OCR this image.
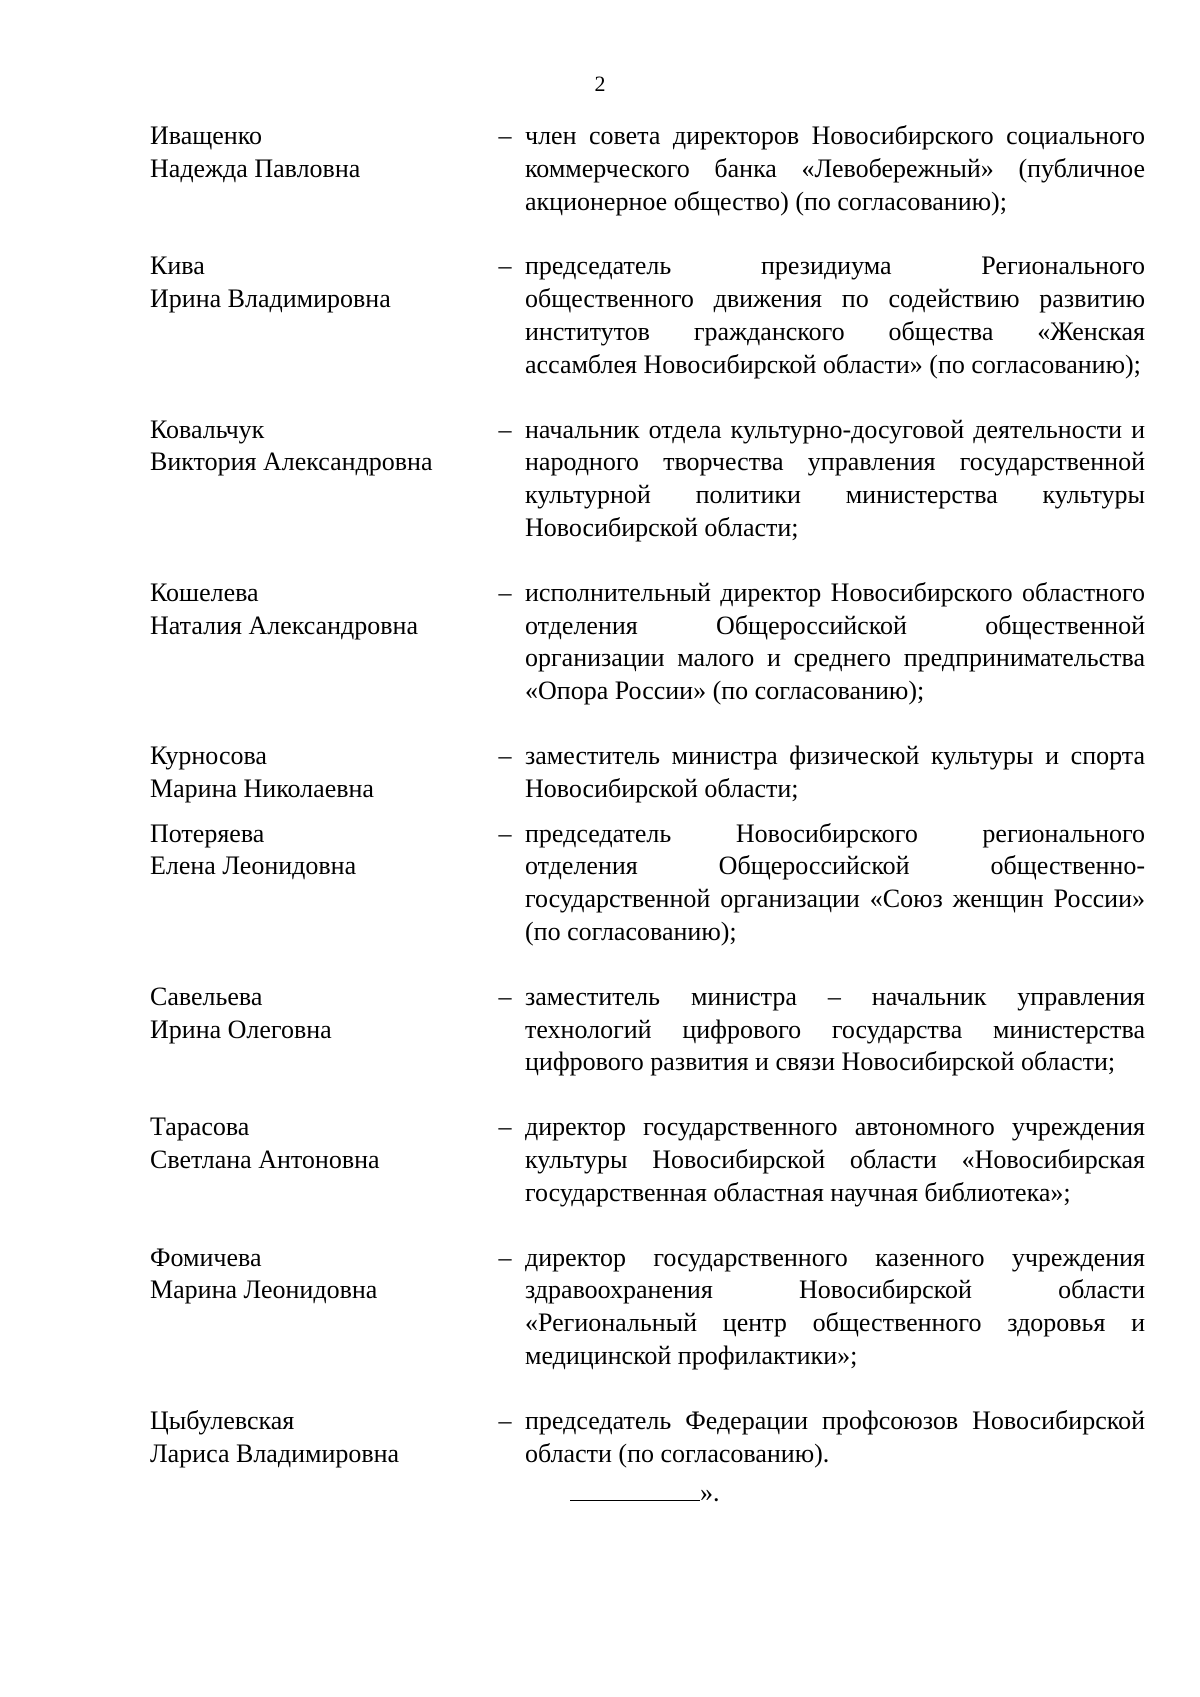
2
Иващенко
Надежда Павловна
– член совета директоров Новосибирского социального коммерческого банка «Левобережный» (публичное акционерное общество) (по согласованию);
Кива
Ирина Владимировна
– председатель президиума Регионального общественного движения по содействию развитию институтов гражданского общества «Женская ассамблея Новосибирской области» (по согласованию);
Ковальчук
Виктория Александровна
– начальник отдела культурно-досуговой деятельности и народного творчества управления государственной культурной политики министерства культуры Новосибирской области;
Кошелева
Наталия Александровна
– исполнительный директор Новосибирского областного отделения Общероссийской общественной организации малого и среднего предпринимательства «Опора России» (по согласованию);
Курносова
Марина Николаевна
– заместитель министра физической культуры и спорта Новосибирской области;
Потеряева
Елена Леонидовна
– председатель Новосибирского регионального отделения Общероссийской общественно-государственной организации «Союз женщин России» (по согласованию);
Савельева
Ирина Олеговна
– заместитель министра – начальник управления технологий цифрового государства министерства цифрового развития и связи Новосибирской области;
Тарасова
Светлана Антоновна
– директор государственного автономного учреждения культуры Новосибирской области «Новосибирская государственная областная научная библиотека»;
Фомичева
Марина Леонидовна
– директор государственного казенного учреждения здравоохранения Новосибирской области «Региональный центр общественного здоровья и медицинской профилактики»;
Цыбулевская
Лариса Владимировна
– председатель Федерации профсоюзов Новосибирской области (по согласованию).
».
